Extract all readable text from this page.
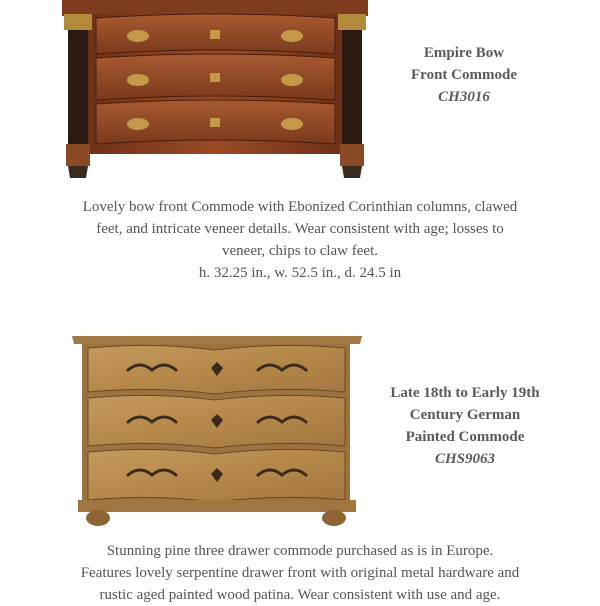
Empire Bow
Front Commode
CH3016
Lovely bow front Commode with Ebonized Corinthian columns, clawed
feet, and intricate veneer details. Wear consistent with age; losses to
veneer, chips to claw feet.
h. 32.25 in., w. 52.5 in., d. 24.5 in
Late 18th to Early 19th
Century German
Painted Commode
CHS9063
Stunning pine three drawer commode purchased as is in Europe.
Features lovely serpentine drawer front with original metal hardware and
rustic aged painted wood patina. Wear consistent with use and age.
